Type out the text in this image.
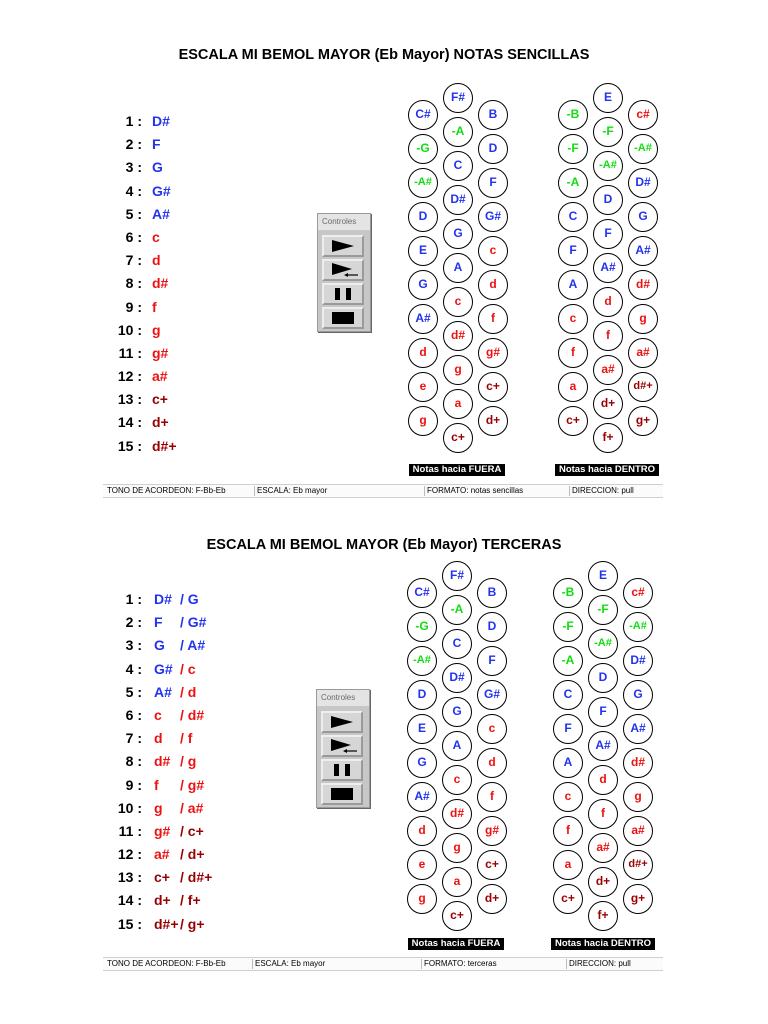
ESCALA MI BEMOL MAYOR (Eb Mayor) NOTAS SENCILLAS
1 : D#
2 : F
3 : G
4 : G#
5 : A#
6 : c
7 : d
8 : d#
9 : f
10 : g
11 : g#
12 : a#
13 : c+
14 : d+
15 : d#+
Controles
C#
-G
-A#
D
E
G
A#
d
e
g
F#
-A
C
D#
G
A
c
d#
g
a
c+
B
D
F
G#
c
d
f
g#
c+
d+
-B
-F
-A
C
F
A
c
f
a
c+
E
-F
-A#
D
F
A#
d
f
a#
d+
f+
c#
-A#
D#
G
A#
d#
g
a#
d#+
g+
Notas hacia FUERA	Notas hacia DENTRO
TONO DE ACORDEON: F-Bb-Eb	ESCALA: Eb mayor	FORMATO: notas sencillas	DIRECCION: pull
ESCALA MI BEMOL MAYOR (Eb Mayor) TERCERAS
1 : D# / G
2 : F / G#
3 : G / A#
4 : G# / c
5 : A# / d
6 : c / d#
7 : d / f
8 : d# / g
9 : f / g#
10 : g / a#
11 : g# / c+
12 : a# / d+
13 : c+ / d#+
14 : d+ / f+
15 : d#+ / g+
Controles
C#
-G
-A#
D
E
G
A#
d
e
g
F#
-A
C
D#
G
A
c
d#
g
a
c+
B
D
F
G#
c
d
f
g#
c+
d+
-B
-F
-A
C
F
A
c
f
a
c+
E
-F
-A#
D
F
A#
d
f
a#
d+
f+
c#
-A#
D#
G
A#
d#
g
a#
d#+
g+
Notas hacia FUERA	Notas hacia DENTRO
TONO DE ACORDEON: F-Bb-Eb	ESCALA: Eb mayor	FORMATO: terceras	DIRECCION: pull
